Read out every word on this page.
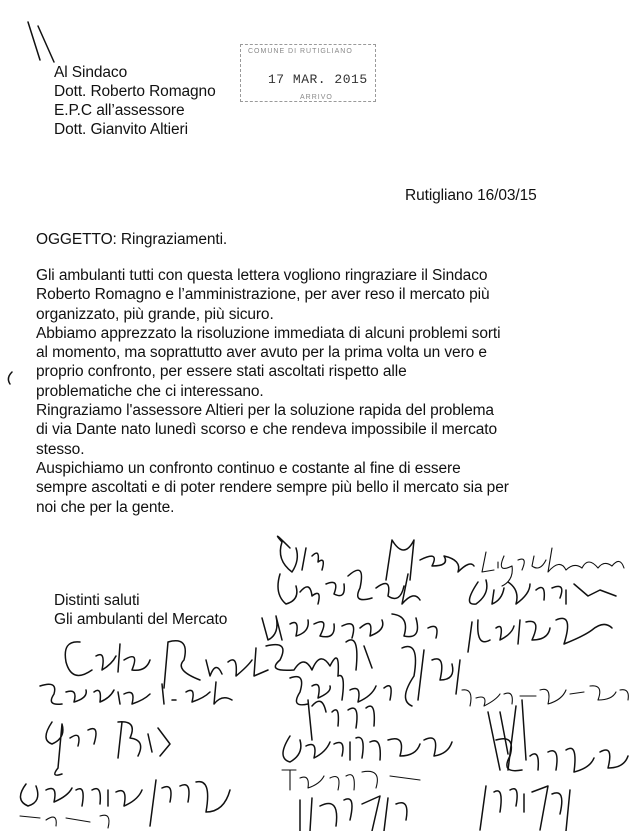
COMUNE DI RUTIGLIANO
17 MAR. 2015
ARRIVO
Al Sindaco
Dott. Roberto Romagno
E.P.C all’assessore
Dott. Gianvito Altieri
Rutigliano 16/03/15
OGGETTO: Ringraziamenti.
Gli ambulanti tutti con questa lettera vogliono ringraziare il Sindaco
Roberto Romagno e l’amministrazione, per aver reso il mercato più
organizzato, più grande, più sicuro.
Abbiamo apprezzato la risoluzione immediata di alcuni problemi sorti
al momento, ma soprattutto aver avuto per la prima volta un vero e
proprio confronto, per essere stati ascoltati rispetto alle
problematiche che ci interessano.
Ringraziamo l'assessore Altieri per la soluzione rapida del problema
di via Dante nato lunedì scorso e che rendeva impossibile il mercato
stesso.
Auspichiamo un confronto continuo e costante al fine di essere
sempre ascoltati e di poter rendere sempre più bello il mercato sia per
noi che per la gente.
Distinti saluti
Gli ambulanti del Mercato
